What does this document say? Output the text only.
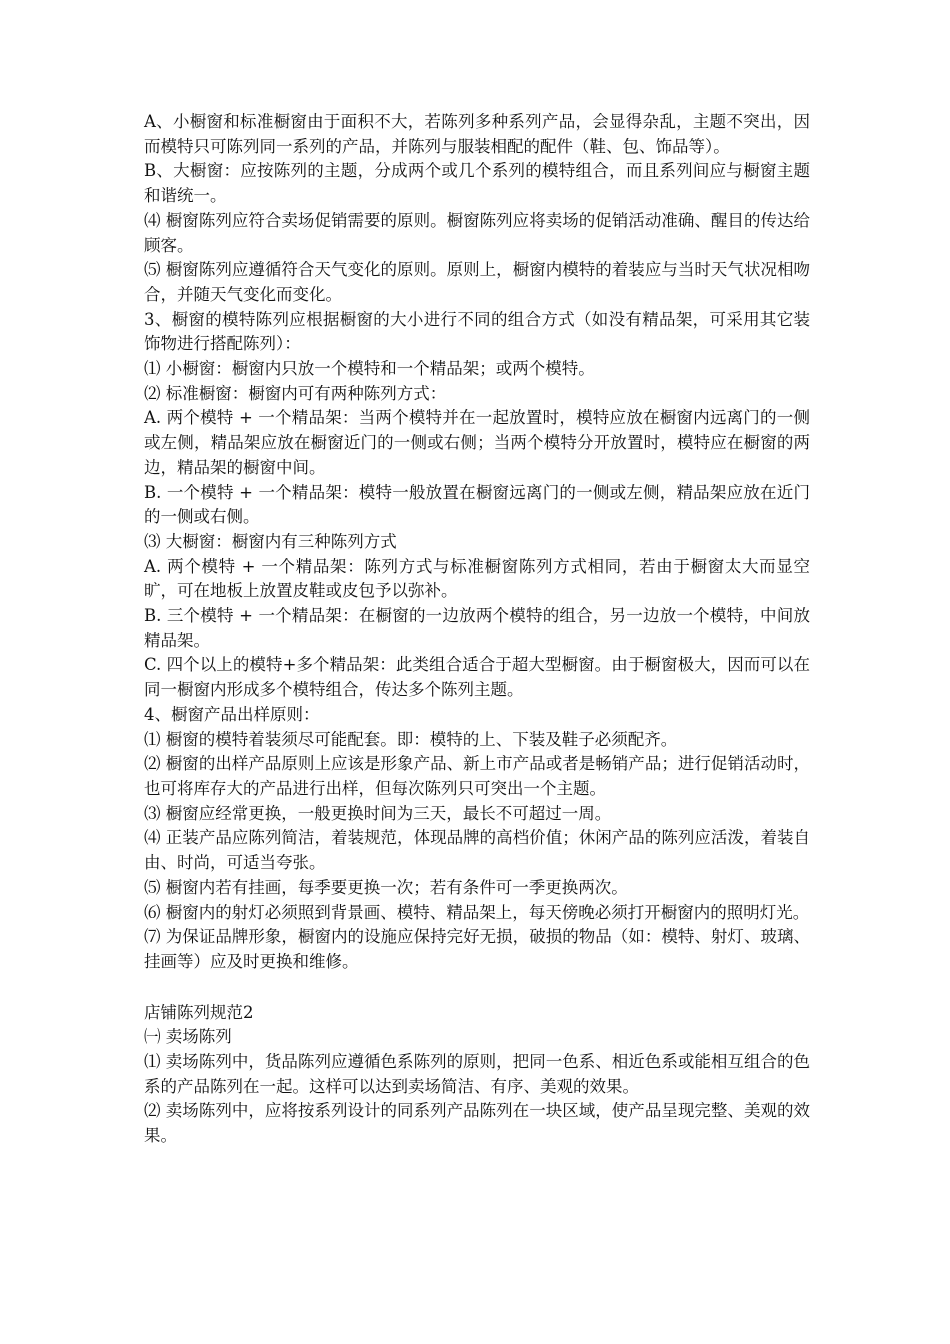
A、小橱窗和标准橱窗由于面积不大，若陈列多种系列产品，会显得杂乱，主题不突出，因而模特只可陈列同一系列的产品，并陈列与服装相配的配件（鞋、包、饰品等）。

B、大橱窗：应按陈列的主题，分成两个或几个系列的模特组合，而且系列间应与橱窗主题和谐统一。

⑷ 橱窗陈列应符合卖场促销需要的原则。橱窗陈列应将卖场的促销活动准确、醒目的传达给顾客。

⑸ 橱窗陈列应遵循符合天气变化的原则。原则上，橱窗内模特的着装应与当时天气状况相吻合，并随天气变化而变化。

3、橱窗的模特陈列应根据橱窗的大小进行不同的组合方式（如没有精品架，可采用其它装饰物进行搭配陈列）：

⑴ 小橱窗：橱窗内只放一个模特和一个精品架；或两个模特。

⑵ 标准橱窗：橱窗内可有两种陈列方式：

A. 两个模特 + 一个精品架：当两个模特并在一起放置时，模特应放在橱窗内远离门的一侧或左侧，精品架应放在橱窗近门的一侧或右侧；当两个模特分开放置时，模特应在橱窗的两边，精品架的橱窗中间。

B. 一个模特 + 一个精品架：模特一般放置在橱窗远离门的一侧或左侧，精品架应放在近门的一侧或右侧。

⑶ 大橱窗：橱窗内有三种陈列方式

A. 两个模特 + 一个精品架：陈列方式与标准橱窗陈列方式相同，若由于橱窗太大而显空旷，可在地板上放置皮鞋或皮包予以弥补。

B. 三个模特 + 一个精品架：在橱窗的一边放两个模特的组合，另一边放一个模特，中间放精品架。

C. 四个以上的模特+多个精品架：此类组合适合于超大型橱窗。由于橱窗极大，因而可以在同一橱窗内形成多个模特组合，传达多个陈列主题。

4、橱窗产品出样原则：

⑴ 橱窗的模特着装须尽可能配套。即：模特的上、下装及鞋子必须配齐。

⑵ 橱窗的出样产品原则上应该是形象产品、新上市产品或者是畅销产品；进行促销活动时，也可将库存大的产品进行出样，但每次陈列只可突出一个主题。

⑶ 橱窗应经常更换，一般更换时间为三天，最长不可超过一周。

⑷ 正装产品应陈列简洁，着装规范，体现品牌的高档价值；休闲产品的陈列应活泼，着装自由、时尚，可适当夸张。

⑸ 橱窗内若有挂画，每季要更换一次；若有条件可一季更换两次。

⑹ 橱窗内的射灯必须照到背景画、模特、精品架上，每天傍晚必须打开橱窗内的照明灯光。

⑺ 为保证品牌形象，橱窗内的设施应保持完好无损，破损的物品（如：模特、射灯、玻璃、挂画等）应及时更换和维修。

店铺陈列规范2

㈠ 卖场陈列

⑴ 卖场陈列中，货品陈列应遵循色系陈列的原则，把同一色系、相近色系或能相互组合的色系的产品陈列在一起。这样可以达到卖场简洁、有序、美观的效果。

⑵ 卖场陈列中，应将按系列设计的同系列产品陈列在一块区域，使产品呈现完整、美观的效果。
